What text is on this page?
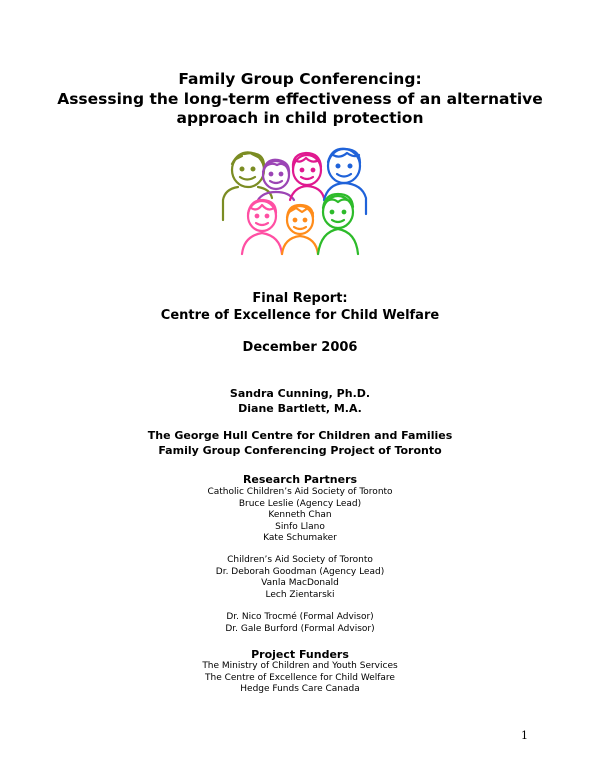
Family Group Conferencing:
Assessing the long-term effectiveness of an alternative
approach in child protection
Final Report:
Centre of Excellence for Child Welfare
December 2006
Sandra Cunning, Ph.D.
Diane Bartlett, M.A.
The George Hull Centre for Children and Families
Family Group Conferencing Project of Toronto
Research Partners
Catholic Children’s Aid Society of Toronto
Bruce Leslie (Agency Lead)
Kenneth Chan
Sinfo Llano
Kate Schumaker
Children’s Aid Society of Toronto
Dr. Deborah Goodman (Agency Lead)
Vanla MacDonald
Lech Zientarski
Dr. Nico Trocmé (Formal Advisor)
Dr. Gale Burford (Formal Advisor)
Project Funders
The Ministry of Children and Youth Services
The Centre of Excellence for Child Welfare
Hedge Funds Care Canada
1
